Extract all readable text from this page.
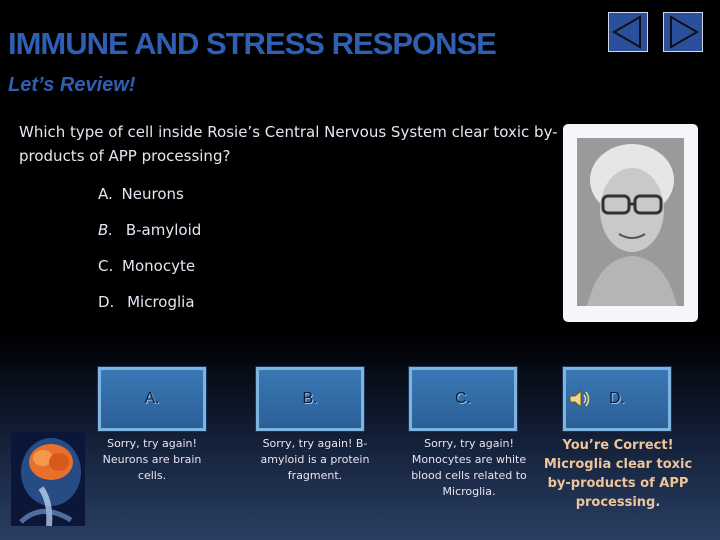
IMMUNE AND STRESS RESPONSE
Let’s Review!
Which type of cell inside Rosie’s Central Nervous System clear toxic by-products of APP processing?
A. Neurons
B. B-amyloid
C. Monocyte
D. Microglia
A.	B.	C.	D.
Sorry, try again! Neurons are brain cells.
Sorry, try again! B-amyloid is a protein fragment.
Sorry, try again! Monocytes are white blood cells related to Microglia.
You’re Correct! Microglia clear toxic by-products of APP processing.
